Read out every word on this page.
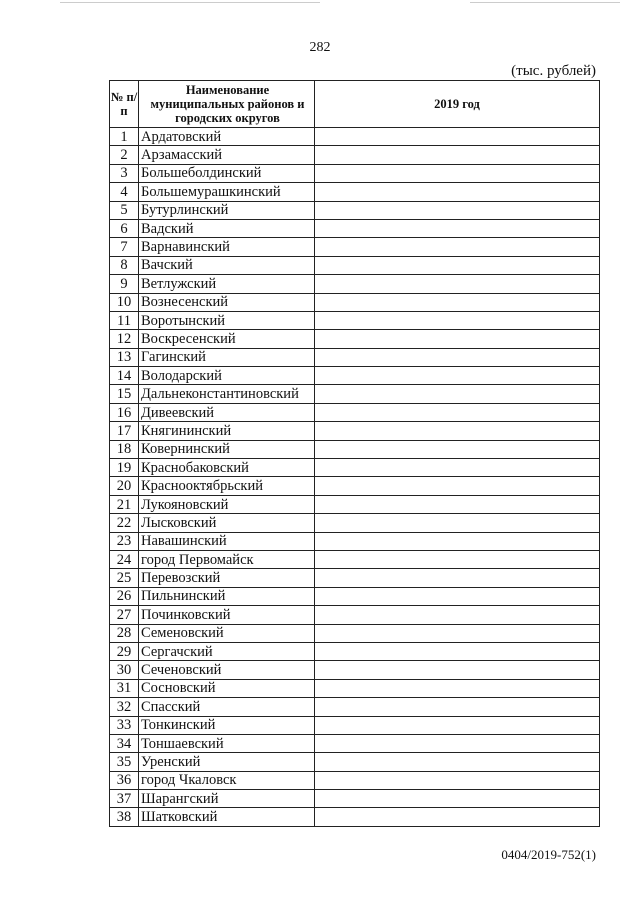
282
(тыс. рублей)
№ п/п	Наименование муниципальных районов и городских округов	2019 год
1	Ардатовский	
2	Арзамасский	
3	Большеболдинский	
4	Большемурашкинский	
5	Бутурлинский	
6	Вадский	
7	Варнавинский	
8	Вачский	
9	Ветлужский	
10	Вознесенский	
11	Воротынский	
12	Воскресенский	
13	Гагинский	
14	Володарский	
15	Дальнеконстантиновский	
16	Дивеевский	
17	Княгининский	
18	Ковернинский	
19	Краснобаковский	
20	Краснооктябрьский	
21	Лукояновский	
22	Лысковский	
23	Навашинский	
24	город Первомайск	
25	Перевозский	
26	Пильнинский	
27	Починковский	
28	Семеновский	
29	Сергачский	
30	Сеченовский	
31	Сосновский	
32	Спасский	
33	Тонкинский	
34	Тоншаевский	
35	Уренский	
36	город Чкаловск	
37	Шарангский	
38	Шатковский	
0404/2019-752(1)
